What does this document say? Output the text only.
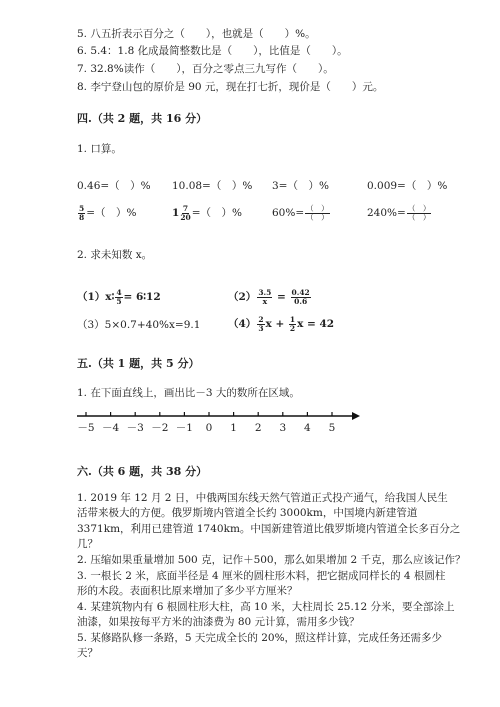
5. 八五折表示百分之（　　），也就是（　　）%。
6. 5.4：1.8 化成最简整数比是（　　），比值是（　　）。
7. 32.8%读作（　　），百分之零点三九写作（　　）。
8. 李宁登山包的原价是 90 元，现在打七折，现价是（　　）元。
四.（共 2 题，共 16 分）
1. 口算。
0.46=（　）% 10.08=（　）% 3=（　）%	0.009=（　）%
$\frac{5}{8}$ =（　）%	$1 \frac{7}{20}$ =（　）%	$60\%= \frac{( )}{( )}$	$240\%= \frac{( )}{( )}$
2. 求未知数 x。
（1）x∶ $\frac{4}{5}$ = 6∶12	$(2) \frac{3.5}{x} = \frac{0.42}{0.6}$
（3）5×0.7+40%x=9.1	$(4) \frac{2}{3}$ $x + \frac{1}{2}$ x = 42
五.（共 1 题，共 5 分）
1. 在下面直线上，画出比－3 大的数所在区域。
－5 －4 －3 －2 －1 0 1 2 3 4 5
六.（共 6 题，共 38 分）
1. 2019 年 12 月 2 日，中俄两国东线天然气管道正式投产通气，给我国人民生
活带来极大的方便。俄罗斯境内管道全长约 3000km，中国境内新建管道
3371km，利用已建管道 1740km。中国新建管道比俄罗斯境内管道全长多百分之
几？
2. 压缩如果重量增加 500 克，记作＋500，那么如果增加 2 千克，那么应该记作？
3. 一根长 2 米，底面半径是 4 厘米的圆柱形木料，把它据成同样长的 4 根圆柱
形的木段。表面积比原来增加了多少平方厘米？
4. 某建筑物内有 6 根圆柱形大柱，高 10 米，大柱周长 25.12 分米，要全部涂上
油漆，如果按每平方米的油漆费为 80 元计算，需用多少钱？
5. 某修路队修一条路，5 天完成全长的 20%，照这样计算，完成任务还需多少
天？
